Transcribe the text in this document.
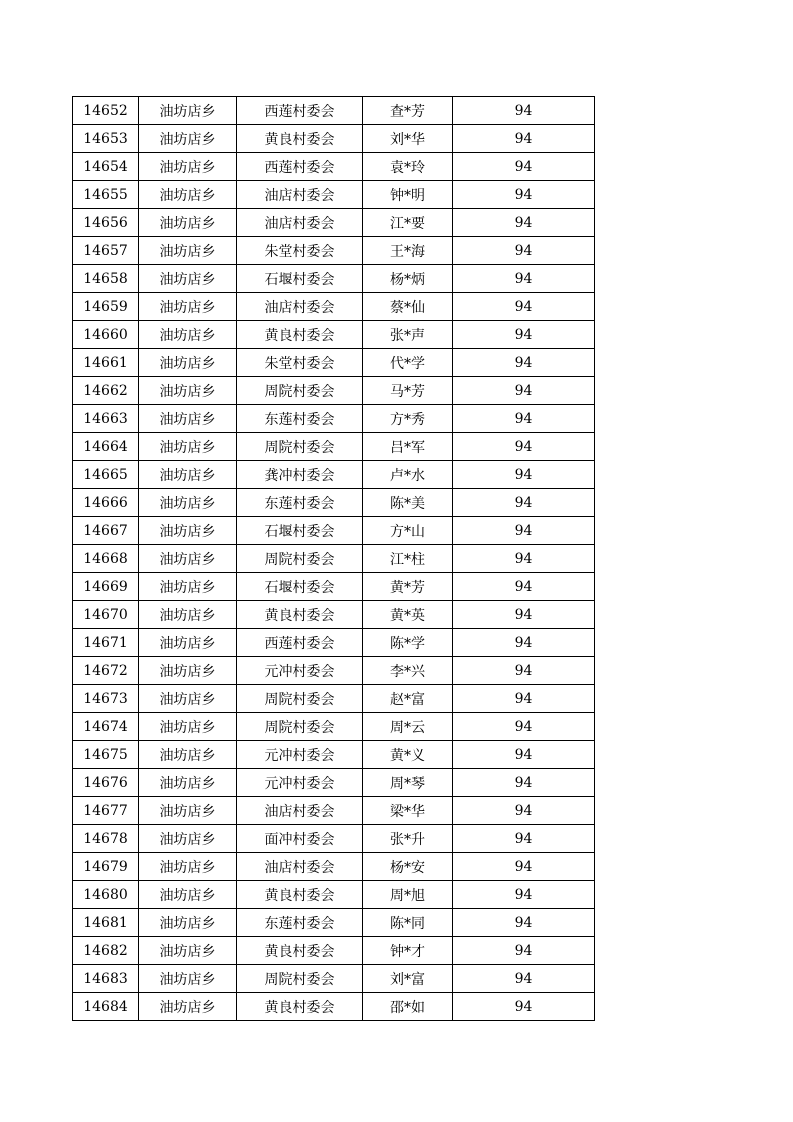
14652	油坊店乡	西莲村委会	查*芳	94
14653	油坊店乡	黄良村委会	刘*华	94
14654	油坊店乡	西莲村委会	袁*玲	94
14655	油坊店乡	油店村委会	钟*明	94
14656	油坊店乡	油店村委会	江*要	94
14657	油坊店乡	朱堂村委会	王*海	94
14658	油坊店乡	石堰村委会	杨*炳	94
14659	油坊店乡	油店村委会	蔡*仙	94
14660	油坊店乡	黄良村委会	张*声	94
14661	油坊店乡	朱堂村委会	代*学	94
14662	油坊店乡	周院村委会	马*芳	94
14663	油坊店乡	东莲村委会	方*秀	94
14664	油坊店乡	周院村委会	吕*军	94
14665	油坊店乡	龚冲村委会	卢*水	94
14666	油坊店乡	东莲村委会	陈*美	94
14667	油坊店乡	石堰村委会	方*山	94
14668	油坊店乡	周院村委会	江*柱	94
14669	油坊店乡	石堰村委会	黄*芳	94
14670	油坊店乡	黄良村委会	黄*英	94
14671	油坊店乡	西莲村委会	陈*学	94
14672	油坊店乡	元冲村委会	李*兴	94
14673	油坊店乡	周院村委会	赵*富	94
14674	油坊店乡	周院村委会	周*云	94
14675	油坊店乡	元冲村委会	黄*义	94
14676	油坊店乡	元冲村委会	周*琴	94
14677	油坊店乡	油店村委会	梁*华	94
14678	油坊店乡	面冲村委会	张*升	94
14679	油坊店乡	油店村委会	杨*安	94
14680	油坊店乡	黄良村委会	周*旭	94
14681	油坊店乡	东莲村委会	陈*同	94
14682	油坊店乡	黄良村委会	钟*才	94
14683	油坊店乡	周院村委会	刘*富	94
14684	油坊店乡	黄良村委会	邵*如	94
